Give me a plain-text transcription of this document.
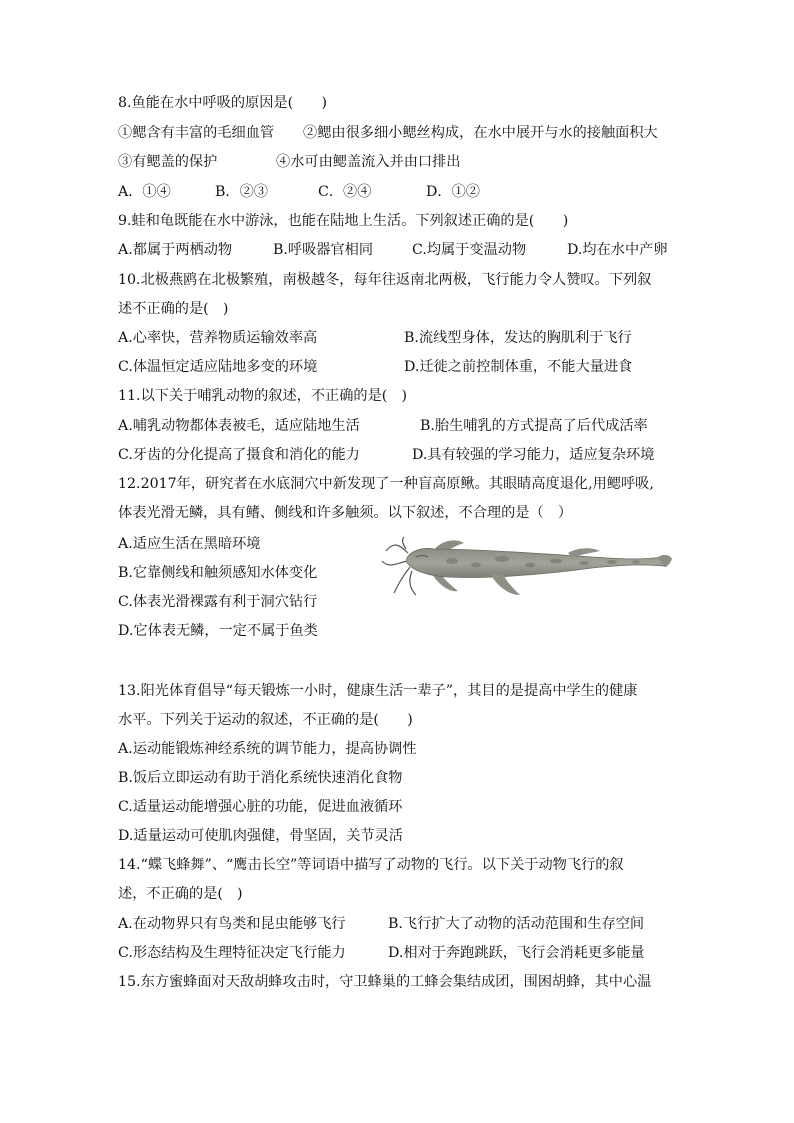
8.鱼能在水中呼吸的原因是(　　)
①鳃含有丰富的毛细血管 ②鳃由很多细小鳃丝构成，在水中展开与水的接触面积大
③有鳃盖的保护	④水可由鳃盖流入并由口排出
A．①④	B．②③	C．②④	D．①②
9.蛙和龟既能在水中游泳，也能在陆地上生活。下列叙述正确的是(　　)
A.都属于两栖动物	B.呼吸器官相同	C.均属于变温动物	D.均在水中产卵
10.北极燕鸥在北极繁殖，南极越冬，每年往返南北两极，飞行能力令人赞叹。下列叙
述不正确的是(　)
A.心率快，营养物质运输效率高	B.流线型身体，发达的胸肌利于飞行
C.体温恒定适应陆地多变的环境	D.迁徙之前控制体重，不能大量进食
11.以下关于哺乳动物的叙述，不正确的是(　)
A.哺乳动物都体表被毛，适应陆地生活	B.胎生哺乳的方式提高了后代成活率
C.牙齿的分化提高了摄食和消化的能力	D.具有较强的学习能力，适应复杂环境
12.2017年，研究者在水底洞穴中新发现了一种盲高原鳅。其眼睛高度退化,用鳃呼吸,
体表光滑无鳞，具有鳍、侧线和许多触须。以下叙述，不合理的是（　）
A.适应生活在黑暗环境
B.它靠侧线和触须感知水体变化
C.体表光滑裸露有利于洞穴钻行
D.它体表无鳞，一定不属于鱼类
13.阳光体育倡导“每天锻炼一小时，健康生活一辈子”，其目的是提高中学生的健康
水平。下列关于运动的叙述，不正确的是(　　)
A.运动能锻炼神经系统的调节能力，提高协调性
B.饭后立即运动有助于消化系统快速消化食物
C.适量运动能增强心脏的功能，促进血液循环
D.适量运动可使肌肉强健，骨坚固，关节灵活
14.“蝶飞蜂舞”、“鹰击长空”等词语中描写了动物的飞行。以下关于动物飞行的叙
述，不正确的是(　)
A.在动物界只有鸟类和昆虫能够飞行	B.飞行扩大了动物的活动范围和生存空间
C.形态结构及生理特征决定飞行能力	D.相对于奔跑跳跃，飞行会消耗更多能量
15.东方蜜蜂面对天敌胡蜂攻击时，守卫蜂巢的工蜂会集结成团，围困胡蜂，其中心温
